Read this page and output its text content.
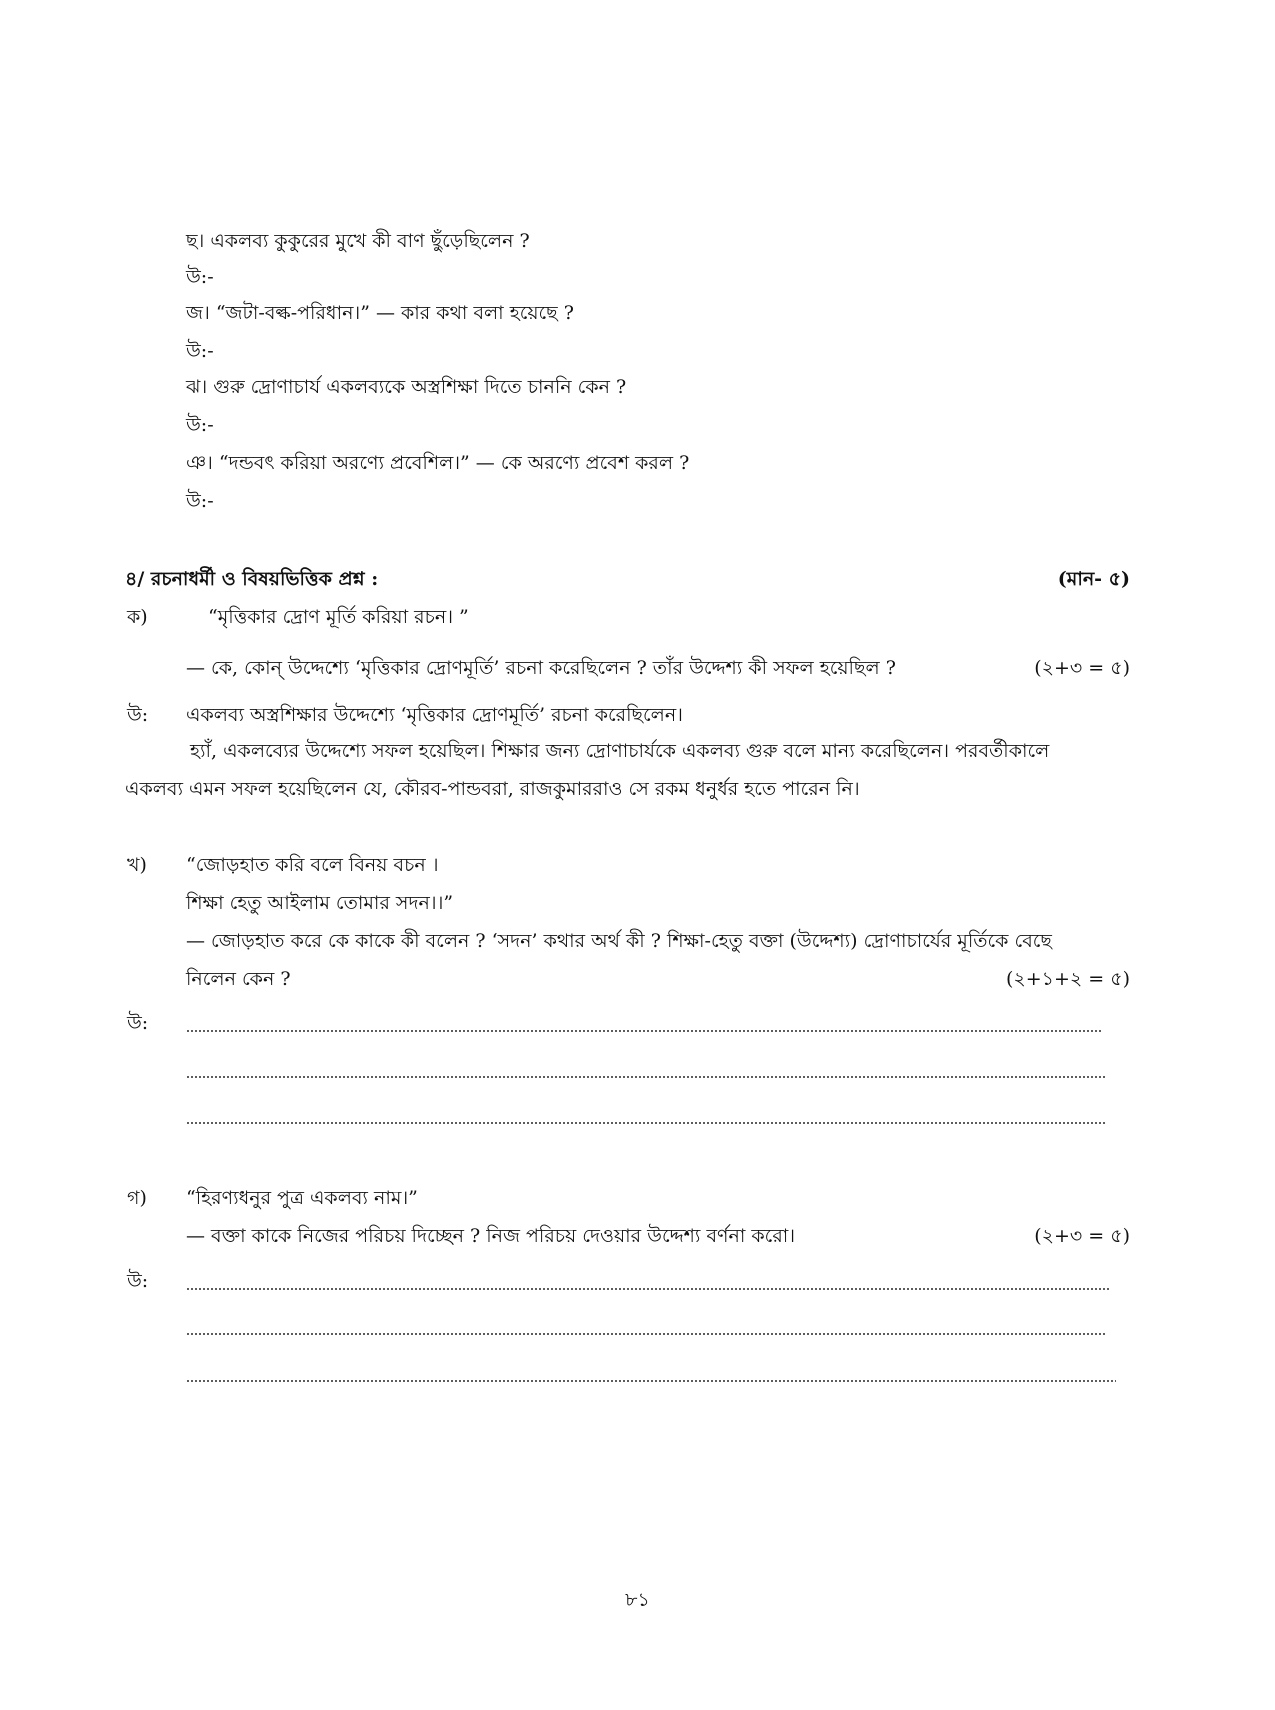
ছ। একলব্য কুকুরের মুখে কী বাণ ছুঁড়েছিলেন ?
উ:-
জ। “জটা-বল্ক-পরিধান।” — কার কথা বলা হয়েছে ?
উ:-
ঝ। গুরু দ্রোণাচার্য একলব্যকে অস্ত্রশিক্ষা দিতে চাননি কেন ?
উ:-
ঞ। “দন্ডবৎ করিয়া অরণ্যে প্রবেশিল।” — কে অরণ্যে প্রবেশ করল ?
উ:-
৪/ রচনাধর্মী ও বিষয়ভিত্তিক প্রশ্ন :	(মান- ৫)
ক)	“মৃত্তিকার দ্রোণ মূর্তি করিয়া রচন। ”
— কে, কোন্ উদ্দেশ্যে ‘মৃত্তিকার দ্রোণমূর্তি’ রচনা করেছিলেন ? তাঁর উদ্দেশ্য কী সফল হয়েছিল ?	(২+৩ = ৫)
উ: একলব্য অস্ত্রশিক্ষার উদ্দেশ্যে ‘মৃত্তিকার দ্রোণমূর্তি’ রচনা করেছিলেন।
হ্যাঁ, একলব্যের উদ্দেশ্যে সফল হয়েছিল। শিক্ষার জন্য দ্রোণাচার্যকে একলব্য গুরু বলে মান্য করেছিলেন। পরবর্তীকালে
একলব্য এমন সফল হয়েছিলেন যে, কৌরব-পান্ডবরা, রাজকুমাররাও সে রকম ধনুর্ধর হতে পারেন নি।
খ) “জোড়হাত করি বলে বিনয় বচন ।
শিক্ষা হেতু আইলাম তোমার সদন।।”
— জোড়হাত করে কে কাকে কী বলেন ? ‘সদন’ কথার অর্থ কী ? শিক্ষা-হেতু বক্তা (উদ্দেশ্য) দ্রোণাচার্যের মূর্তিকে বেছে
নিলেন কেন ?	(২+১+২ = ৫)
উ:
গ) “হিরণ্যধনুর পুত্র একলব্য নাম।”
— বক্তা কাকে নিজের পরিচয় দিচ্ছেন ? নিজ পরিচয় দেওয়ার উদ্দেশ্য বর্ণনা করো।	(২+৩ = ৫)
উ:
৮১
